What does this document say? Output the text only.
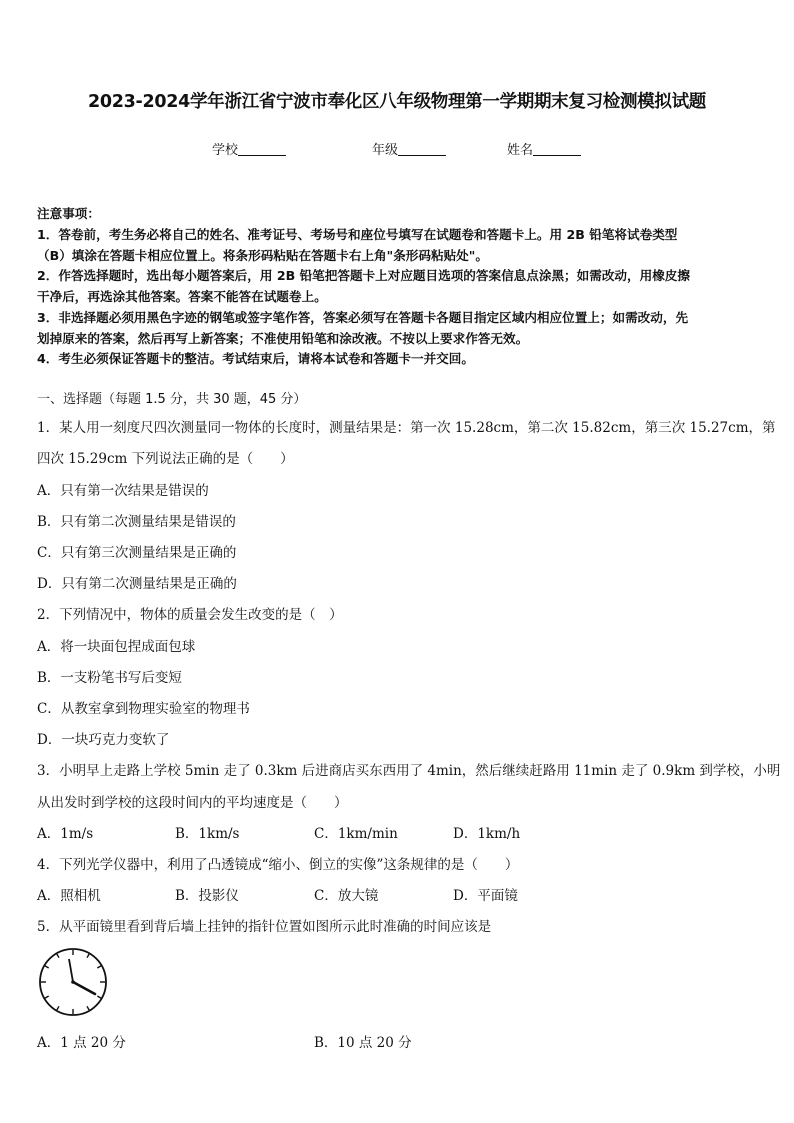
2023-2024学年浙江省宁波市奉化区八年级物理第一学期期末复习检测模拟试题
学校	年级	姓名
注意事项：
1．答卷前，考生务必将自己的姓名、准考证号、考场号和座位号填写在试题卷和答题卡上。用 2B 铅笔将试卷类型
（B）填涂在答题卡相应位置上。将条形码粘贴在答题卡右上角"条形码粘贴处"。
2．作答选择题时，选出每小题答案后，用 2B 铅笔把答题卡上对应题目选项的答案信息点涂黑；如需改动，用橡皮擦
干净后，再选涂其他答案。答案不能答在试题卷上。
3．非选择题必须用黑色字迹的钢笔或签字笔作答，答案必须写在答题卡各题目指定区域内相应位置上；如需改动，先
划掉原来的答案，然后再写上新答案；不准使用铅笔和涂改液。不按以上要求作答无效。
4．考生必须保证答题卡的整洁。考试结束后，请将本试卷和答题卡一并交回。
一、选择题（每题 1.5 分，共 30 题，45 分）
1．某人用一刻度尺四次测量同一物体的长度时，测量结果是：第一次 15.28cm，第二次 15.82cm，第三次 15.27cm，第
四次 15.29cm 下列说法正确的是（　　）
A．只有第一次结果是错误的
B．只有第二次测量结果是错误的
C．只有第三次测量结果是正确的
D．只有第二次测量结果是正确的
2．下列情况中，物体的质量会发生改变的是（　）
A．将一块面包捏成面包球
B．一支粉笔书写后变短
C．从教室拿到物理实验室的物理书
D．一块巧克力变软了
3．小明早上走路上学校 5min 走了 0.3km 后进商店买东西用了 4min，然后继续赶路用 11min 走了 0.9km 到学校，小明
从出发时到学校的这段时间内的平均速度是（　　）
A．1m/s	B．1km/s	C．1km/min	D．1km/h
4．下列光学仪器中，利用了凸透镜成“缩小、倒立的实像”这条规律的是（　　）
A．照相机	B．投影仪	C．放大镜	D．平面镜
5．从平面镜里看到背后墙上挂钟的指针位置如图所示此时准确的时间应该是
A．1 点 20 分	B．10 点 20 分
